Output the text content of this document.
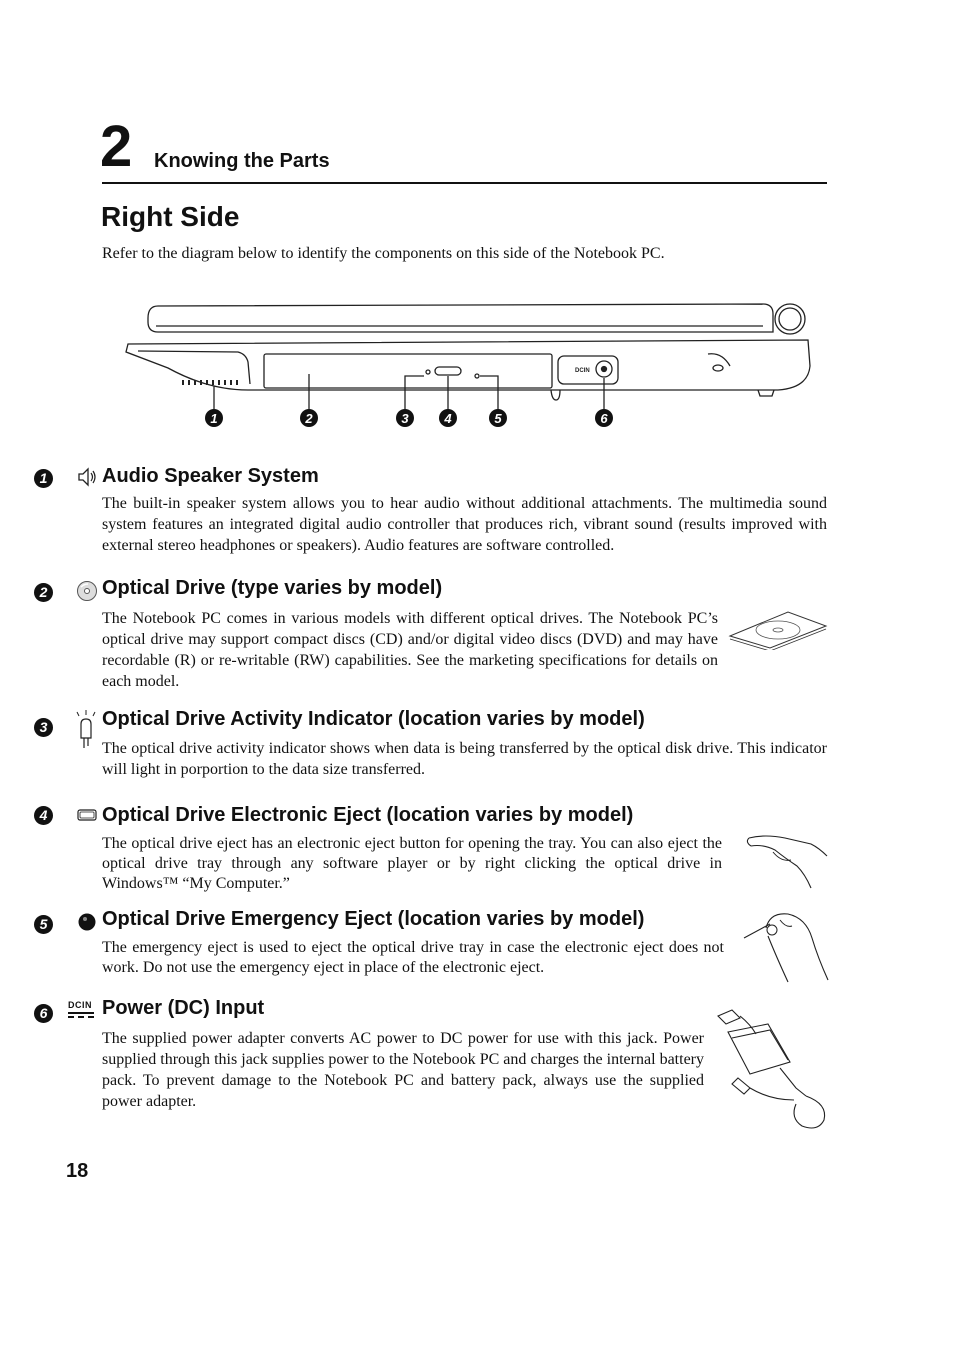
2 Knowing the Parts
Right Side
Refer to the diagram below to identify the components on this side of the Notebook PC.
DCIN
1	2	3	4	5	6
1	Audio Speaker System
The built-in speaker system allows you to hear audio without additional attachments. The multimedia sound system features an integrated digital audio controller that produces rich, vibrant sound (results improved with external stereo headphones or speakers). Audio features are software controlled.
2	Optical Drive (type varies by model)
The Notebook PC comes in various models with different optical drives. The Notebook PC’s optical drive may support compact discs (CD) and/or digital video discs (DVD) and may have recordable (R) or re-writable (RW) capabilities. See the marketing specifications for details on each model.
3	Optical Drive Activity Indicator (location varies by model)
The optical drive activity indicator shows when data is being transferred by the optical disk drive. This indicator will light in porportion to the data size transferred.
4	Optical Drive Electronic Eject (location varies by model)
The optical drive eject has an electronic eject button for opening the tray. You can also eject the optical drive tray through any software player or by right clicking the optical drive in Windows™ “My Computer.”
5	Optical Drive Emergency Eject (location varies by model)
The emergency eject is used to eject the optical drive tray in case the electronic eject does not work. Do not use the emergency eject in place of the electronic eject.
6	DCIN Power (DC) Input
The supplied power adapter converts AC power to DC power for use with this jack. Power supplied through this jack supplies power to the Notebook PC and charges the internal battery pack. To prevent damage to the Notebook PC and battery pack, always use the supplied power adapter.
18
